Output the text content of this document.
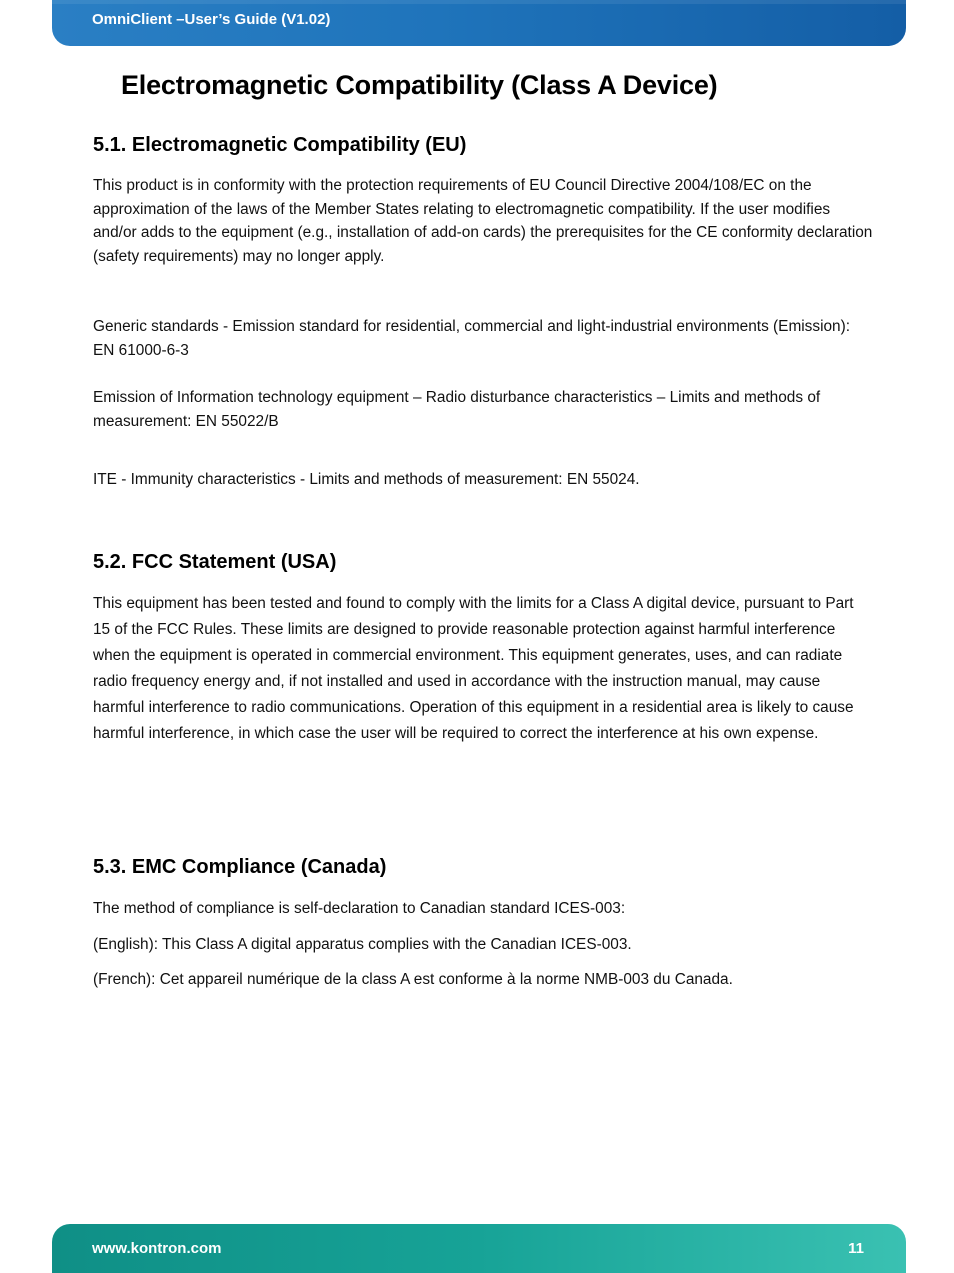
OmniClient –User’s Guide (V1.02)
Electromagnetic Compatibility (Class A Device)
5.1. Electromagnetic Compatibility (EU)

This product is in conformity with the protection requirements of EU Council Directive 2004/108/EC on the approximation of the laws of the Member States relating to electromagnetic compatibility. If the user modifies and/or adds to the equipment (e.g., installation of add-on cards) the prerequisites for the CE conformity declaration (safety requirements) may no longer apply.

Generic standards - Emission standard for residential, commercial and light-industrial environments (Emission): EN 61000-6-3

Emission of Information technology equipment – Radio disturbance characteristics – Limits and methods of measurement: EN 55022/B

ITE - Immunity characteristics - Limits and methods of measurement: EN 55024.

5.2. FCC Statement (USA)

This equipment has been tested and found to comply with the limits for a Class A digital device, pursuant to Part 15 of the FCC Rules. These limits are designed to provide reasonable protection against harmful interference when the equipment is operated in commercial environment. This equipment generates, uses, and can radiate radio frequency energy and, if not installed and used in accordance with the instruction manual, may cause harmful interference to radio communications. Operation of this equipment in a residential area is likely to cause harmful interference, in which case the user will be required to correct the interference at his own expense.

5.3. EMC Compliance (Canada)

The method of compliance is self-declaration to Canadian standard ICES-003:

(English): This Class A digital apparatus complies with the Canadian ICES-003.

(French): Cet appareil numérique de la class A est conforme à la norme NMB-003 du Canada.

www.kontron.com	11
